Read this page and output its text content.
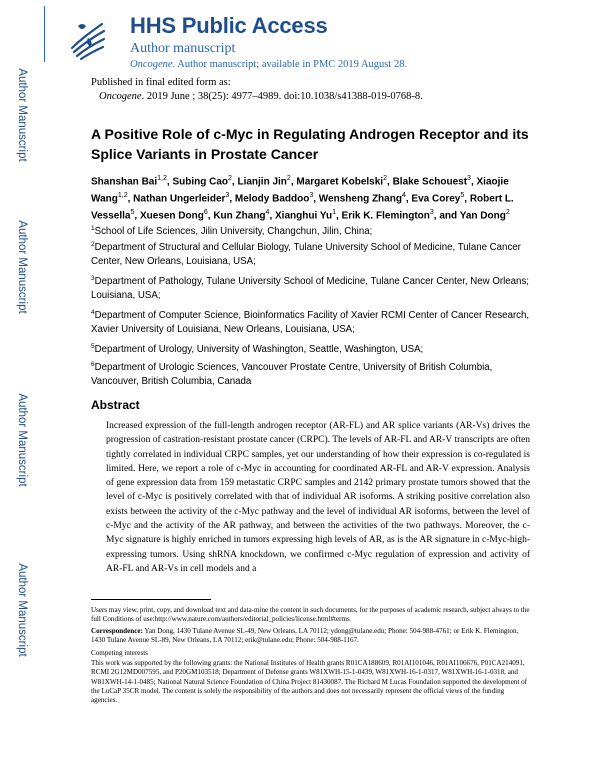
Author Manuscript
Author Manuscript
Author Manuscript
Author Manuscript
HHS Public Access
Author manuscript
Oncogene. Author manuscript; available in PMC 2019 August 28.
Published in final edited form as:
Oncogene. 2019 June ; 38(25): 4977–4989. doi:10.1038/s41388-019-0768-8.
A Positive Role of c-Myc in Regulating Androgen Receptor and its Splice Variants in Prostate Cancer
Shanshan Bai$^{1,2}$, Subing Cao$^2$, Lianjin Jin$^2$, Margaret Kobelski$^2$, Blake Schouest$^3$, Xiaojie Wang$^{1,2}$, Nathan Ungerleider$^3$, Melody Baddoo$^3$, Wensheng Zhang$^4$, Eva Corey$^5$, Robert L. Vessella$^5$, Xuesen Dong$^6$, Kun Zhang$^4$, Xianghui Yu$^1$, Erik K. Flemington$^3$, and Yan Dong$^2$
$^1$School of Life Sciences, Jilin University, Changchun, Jilin, China;
$^2$Department of Structural and Cellular Biology, Tulane University School of Medicine, Tulane Cancer Center, New Orleans, Louisiana, USA;
$^3$Department of Pathology, Tulane University School of Medicine, Tulane Cancer Center, New Orleans; Louisiana, USA;
$^4$Department of Computer Science, Bioinformatics Facility of Xavier RCMI Center of Cancer Research, Xavier University of Louisiana, New Orleans, Louisiana, USA;
$^5$Department of Urology, University of Washington, Seattle, Washington, USA;
$^6$Department of Urologic Sciences, Vancouver Prostate Centre, University of British Columbia, Vancouver, British Columbia, Canada
Abstract
Increased expression of the full-length androgen receptor (AR-FL) and AR splice variants (AR-Vs) drives the progression of castration-resistant prostate cancer (CRPC). The levels of AR-FL and AR-V transcripts are often tightly correlated in individual CRPC samples, yet our understanding of how their expression is co-regulated is limited. Here, we report a role of c-Myc in accounting for coordinated AR-FL and AR-V expression. Analysis of gene expression data from 159 metastatic CRPC samples and 2142 primary prostate tumors showed that the level of c-Myc is positively correlated with that of individual AR isoforms. A striking positive correlation also exists between the activity of the c-Myc pathway and the level of individual AR isoforms, between the level of c-Myc and the activity of the AR pathway, and between the activities of the two pathways. Moreover, the c-Myc signature is highly enriched in tumors expressing high levels of AR, as is the AR signature in c-Myc-high-expressing tumors. Using shRNA knockdown, we confirmed c-Myc regulation of expression and activity of AR-FL and AR-Vs in cell models and a
Users may view, print, copy, and download text and data-mine the content in such documents, for the purposes of academic research, subject always to the full Conditions of use:http://www.nature.com/authors/editorial_policies/license.html#terms
Correspondence: Yan Dong, 1430 Tulane Avenue SL-49, New Orleans, LA 70112; ydong@tulane.edu; Phone: 504-988-4761; or Erik K. Flemington, 1430 Tulane Avenue SL-89, New Orleans, LA 70112; erik@tulane.edu; Phone: 504-988-1167.
Competing interests
This work was supported by the following grants: the National Institutes of Health grants R01CA188609, R01AI101046, R01AI106676, P01CA214091, RCMI 2G12MD007595, and P20GM103518; Department of Defense grants W81XWH-15-1-0439, W81XWH-16-1-0317, W81XWH-16-1-0318, and W81XWH-14-1-0485; National Natural Science Foundation of China Project 81430087. The Richard M Lucas Foundation supported the development of the LuCaP 35CR model. The content is solely the responsibility of the authors and does not necessarily represent the official views of the funding agencies.
